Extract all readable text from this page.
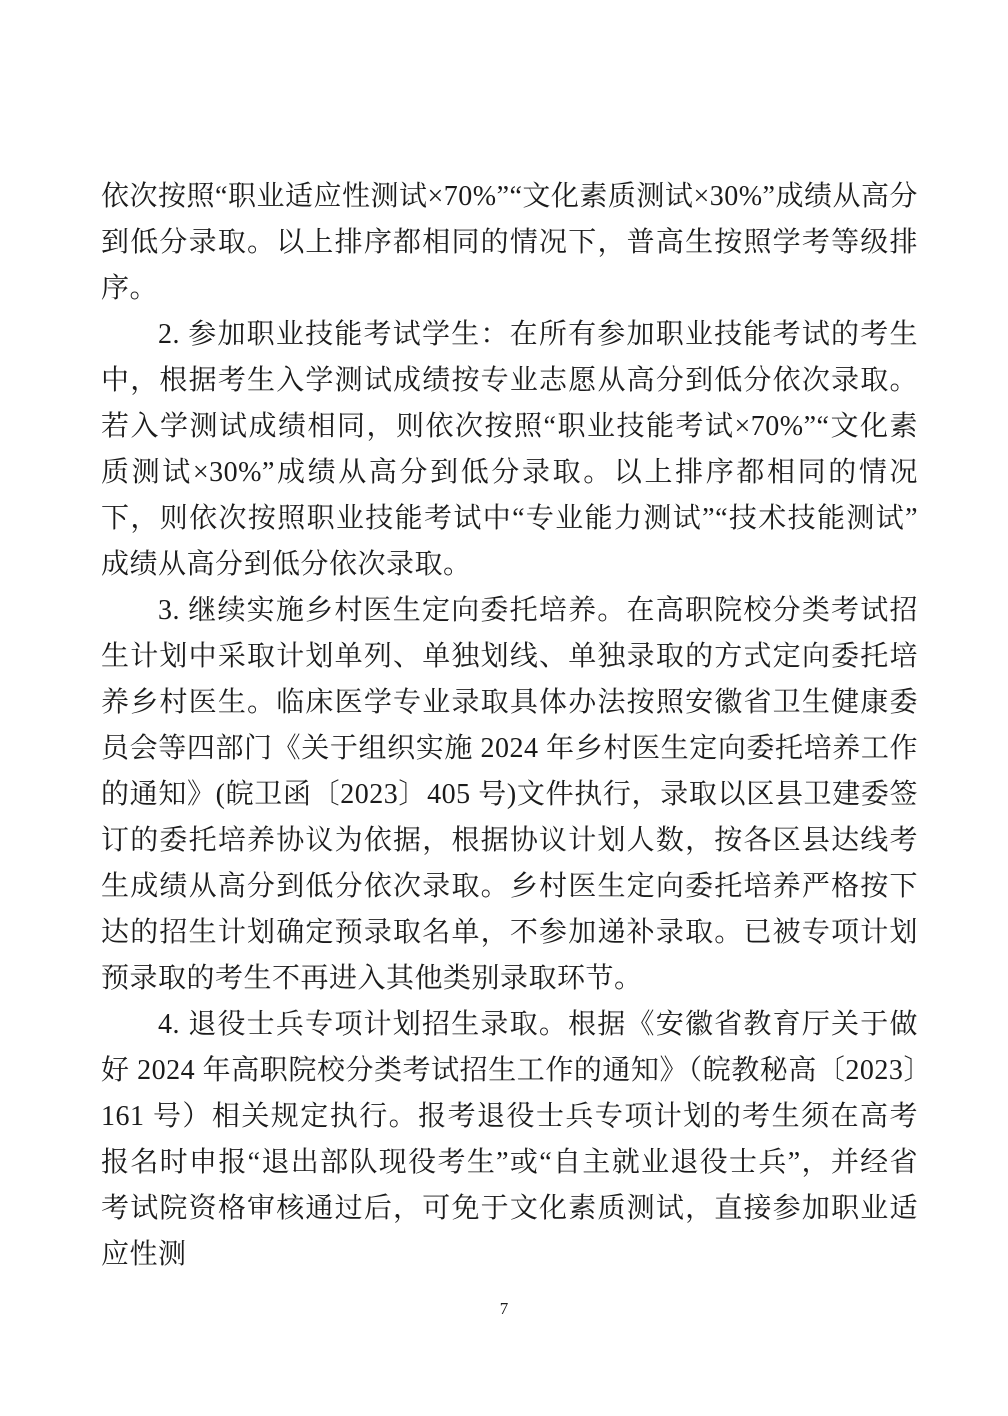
依次按照“职业适应性测试×70%”“文化素质测试×30%”成绩从高分到低分录取。以上排序都相同的情况下，普高生按照学考等级排序。

2. 参加职业技能考试学生：在所有参加职业技能考试的考生中，根据考生入学测试成绩按专业志愿从高分到低分依次录取。若入学测试成绩相同，则依次按照“职业技能考试×70%”“文化素质测试×30%”成绩从高分到低分录取。以上排序都相同的情况下，则依次按照职业技能考试中“专业能力测试”“技术技能测试”成绩从高分到低分依次录取。

3. 继续实施乡村医生定向委托培养。在高职院校分类考试招生计划中采取计划单列、单独划线、单独录取的方式定向委托培养乡村医生。临床医学专业录取具体办法按照安徽省卫生健康委员会等四部门《关于组织实施 2024 年乡村医生定向委托培养工作的通知》(皖卫函〔2023〕405 号)文件执行，录取以区县卫建委签订的委托培养协议为依据，根据协议计划人数，按各区县达线考生成绩从高分到低分依次录取。乡村医生定向委托培养严格按下达的招生计划确定预录取名单，不参加递补录取。已被专项计划预录取的考生不再进入其他类别录取环节。

4. 退役士兵专项计划招生录取。根据《安徽省教育厅关于做好 2024 年高职院校分类考试招生工作的通知》（皖教秘高〔2023〕161 号）相关规定执行。报考退役士兵专项计划的考生须在高考报名时申报“退出部队现役考生”或“自主就业退役士兵”，并经省考试院资格审核通过后，可免于文化素质测试，直接参加职业适应性测

7
